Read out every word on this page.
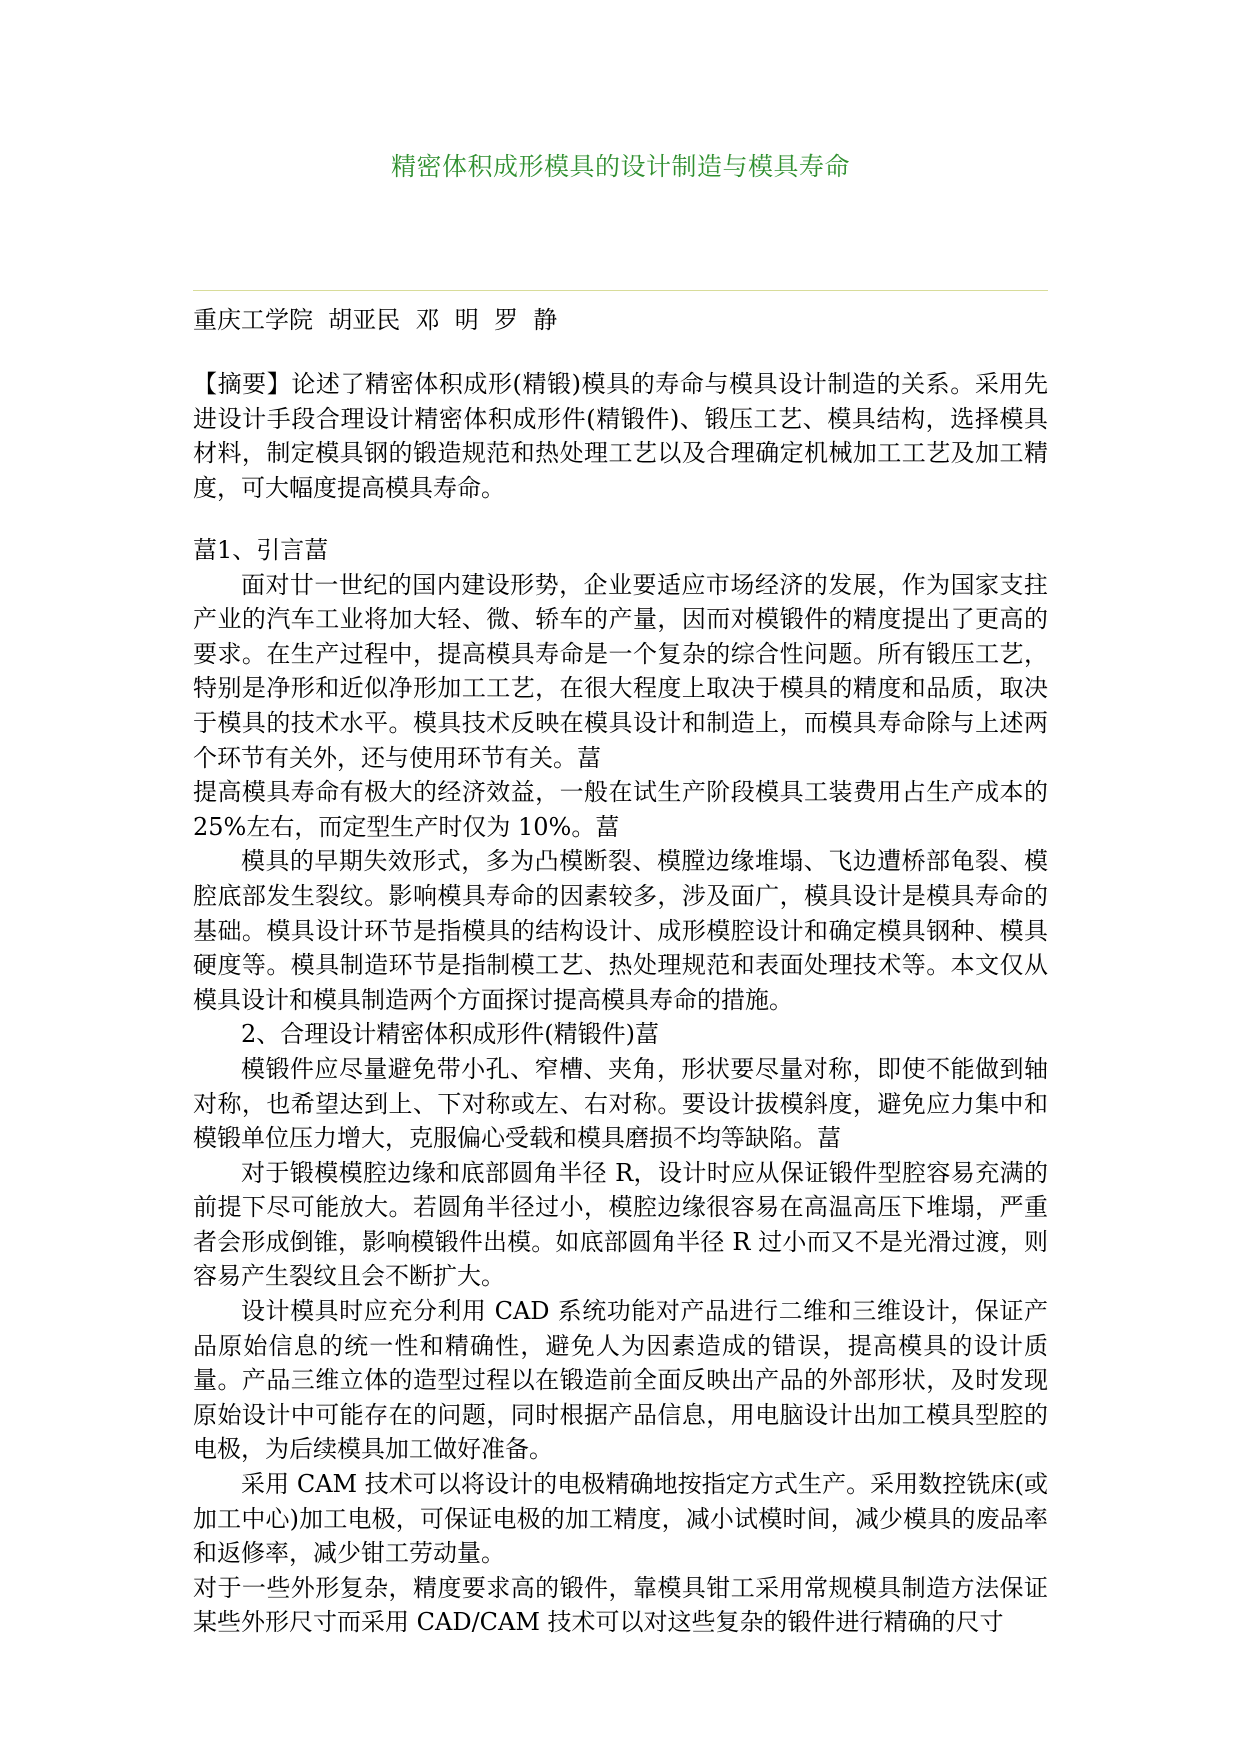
精密体积成形模具的设计制造与模具寿命
重庆工学院  胡亚民  邓  明  罗  静

【摘要】论述了精密体积成形(精锻)模具的寿命与模具设计制造的关系。采用先进设计手段合理设计精密体积成形件(精锻件)、锻压工艺、模具结构，选择模具材料，制定模具钢的锻造规范和热处理工艺以及合理确定机械加工工艺及加工精度，可大幅度提高模具寿命。

葍1、引言葍

面对廿一世纪的国内建设形势，企业要适应市场经济的发展，作为国家支拄产业的汽车工业将加大轻、微、轿车的产量，因而对模锻件的精度提出了更高的要求。在生产过程中，提高模具寿命是一个复杂的综合性问题。所有锻压工艺，特别是净形和近似净形加工工艺，在很大程度上取决于模具的精度和品质，取决于模具的技术水平。模具技术反映在模具设计和制造上，而模具寿命除与上述两个环节有关外，还与使用环节有关。葍

提高模具寿命有极大的经济效益，一般在试生产阶段模具工装费用占生产成本的 25%左右，而定型生产时仅为 10%。葍

模具的早期失效形式，多为凸模断裂、模膛边缘堆塌、飞边遭桥部龟裂、模腔底部发生裂纹。影响模具寿命的因素较多，涉及面广，模具设计是模具寿命的基础。模具设计环节是指模具的结构设计、成形模腔设计和确定模具钢种、模具硬度等。模具制造环节是指制模工艺、热处理规范和表面处理技术等。本文仅从模具设计和模具制造两个方面探讨提高模具寿命的措施。

2、合理设计精密体积成形件(精锻件)葍

模锻件应尽量避免带小孔、窄槽、夹角，形状要尽量对称，即使不能做到轴对称，也希望达到上、下对称或左、右对称。要设计拔模斜度，避免应力集中和模锻单位压力增大，克服偏心受载和模具磨损不均等缺陷。葍

对于锻模模腔边缘和底部圆角半径 R，设计时应从保证锻件型腔容易充满的前提下尽可能放大。若圆角半径过小，模腔边缘很容易在高温高压下堆塌，严重者会形成倒锥，影响模锻件出模。如底部圆角半径 R 过小而又不是光滑过渡，则容易产生裂纹且会不断扩大。

设计模具时应充分利用 CAD 系统功能对产品进行二维和三维设计，保证产品原始信息的统一性和精确性，避免人为因素造成的错误，提高模具的设计质量。产品三维立体的造型过程以在锻造前全面反映出产品的外部形状，及时发现原始设计中可能存在的问题，同时根据产品信息，用电脑设计出加工模具型腔的电极，为后续模具加工做好准备。

采用 CAM 技术可以将设计的电极精确地按指定方式生产。采用数控铣床(或加工中心)加工电极，可保证电极的加工精度，减小试模时间，减少模具的废品率和返修率，减少钳工劳动量。

对于一些外形复杂，精度要求高的锻件，靠模具钳工采用常规模具制造方法保证某些外形尺寸而采用 CAD/CAM 技术可以对这些复杂的锻件进行精确的尺寸
